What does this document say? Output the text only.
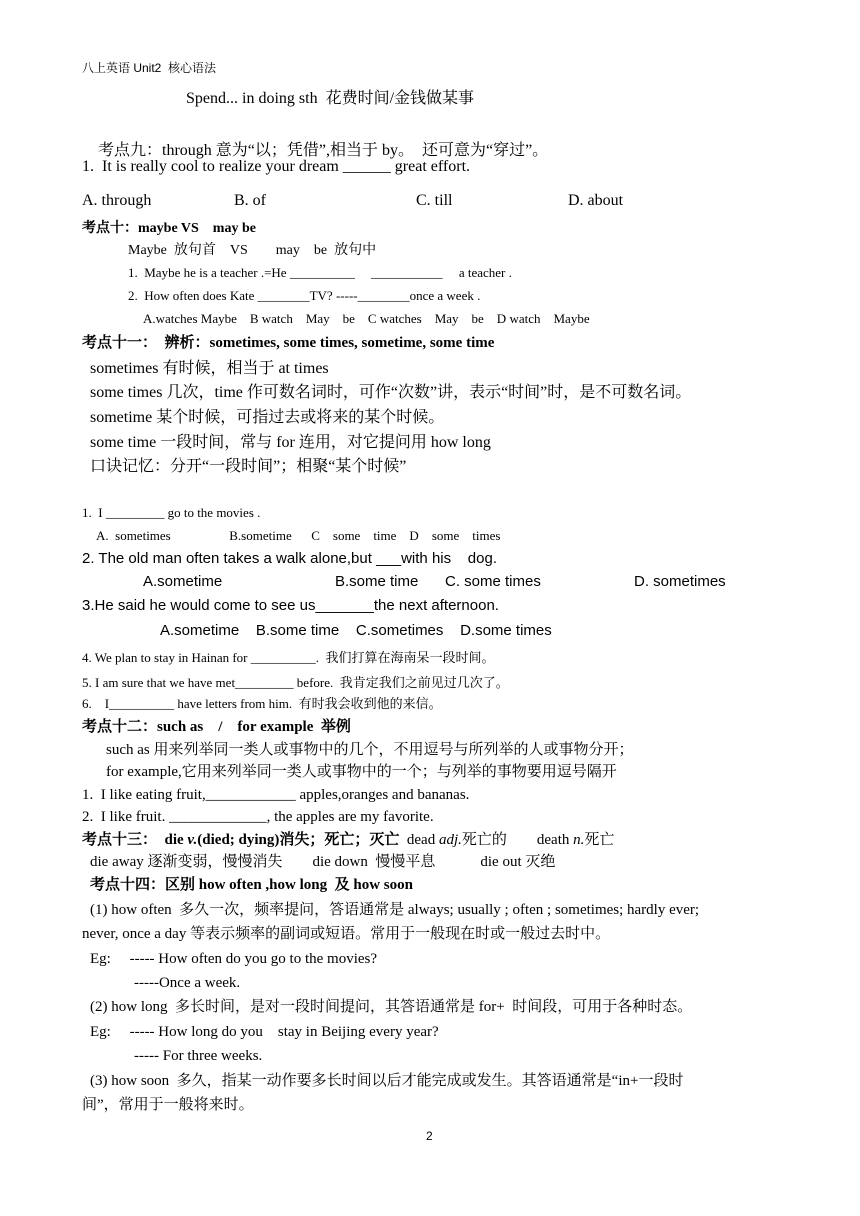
八上英语 Unit2  核心语法
Spend... in doing sth  花费时间/金钱做某事

考点九：through 意为“以；凭借”,相当于 by。  还可意为“穿过”。

1.  It is really cool to realize your dream ______ great effort.
A. through	B. of	C. till	D. about
考点十：maybe VS    may be
Maybe  放句首    VS        may    be  放句中
1.  Maybe he is a teacher .=He __________     ___________     a teacher .
2.  How often does Kate ________TV? -----________once a week .
A.watches Maybe    B watch    May    be    C watches    May    be    D watch    Maybe
考点十一：  辨析：sometimes, some times, sometime, some time
sometimes 有时候，相当于 at times
some times 几次，time 作可数名词时，可作“次数”讲，表示“时间”时，是不可数名词。
sometime 某个时候，可指过去或将来的某个时候。
some time 一段时间，常与 for 连用，对它提问用 how long
口诀记忆：分开“一段时间”；相聚“某个时候”
1.  I _________ go to the movies .
A.  sometimes                  B.sometime      C    some    time    D    some    times
2. The old man often takes a walk alone,but ___with his    dog.
A.sometime	B.some time C. some times	D. sometimes
3.He said he would come to see us_______the next afternoon.
A.sometime    B.some time    C.sometimes    D.some times
4. We plan to stay in Hainan for __________.  我们打算在海南呆一段时间。
5. I am sure that we have met_________ before.  我肯定我们之前见过几次了。
6.    I__________ have letters from him.  有时我会收到他的来信。
考点十二：such as    /    for example  举例
such as 用来列举同一类人或事物中的几个，不用逗号与所列举的人或事物分开；
for example,它用来列举同一类人或事物中的一个；与列举的事物要用逗号隔开
1.  I like eating fruit,____________ apples,oranges and bananas.
2.  I like fruit. _____________, the apples are my favorite.
考点十三：  die v.(died; dying)消失；死亡；灭亡  dead adj.死亡的        death n.死亡
die away 逐渐变弱，慢慢消失        die down  慢慢平息            die out 灭绝
考点十四：区别 how often ,how long  及 how soon
(1) how often  多久一次，频率提问，答语通常是 always; usually ; often ; sometimes; hardly ever;
never, once a day 等表示频率的副词或短语。常用于一般现在时或一般过去时中。
Eg:     ----- How often do you go to the movies?
-----Once a week.
(2) how long  多长时间，是对一段时间提问，其答语通常是 for+  时间段，可用于各种时态。
Eg:     ----- How long do you    stay in Beijing every year?
----- For three weeks.
(3) how soon  多久，指某一动作要多长时间以后才能完成或发生。其答语通常是“in+一段时
间”，常用于一般将来时。
2
